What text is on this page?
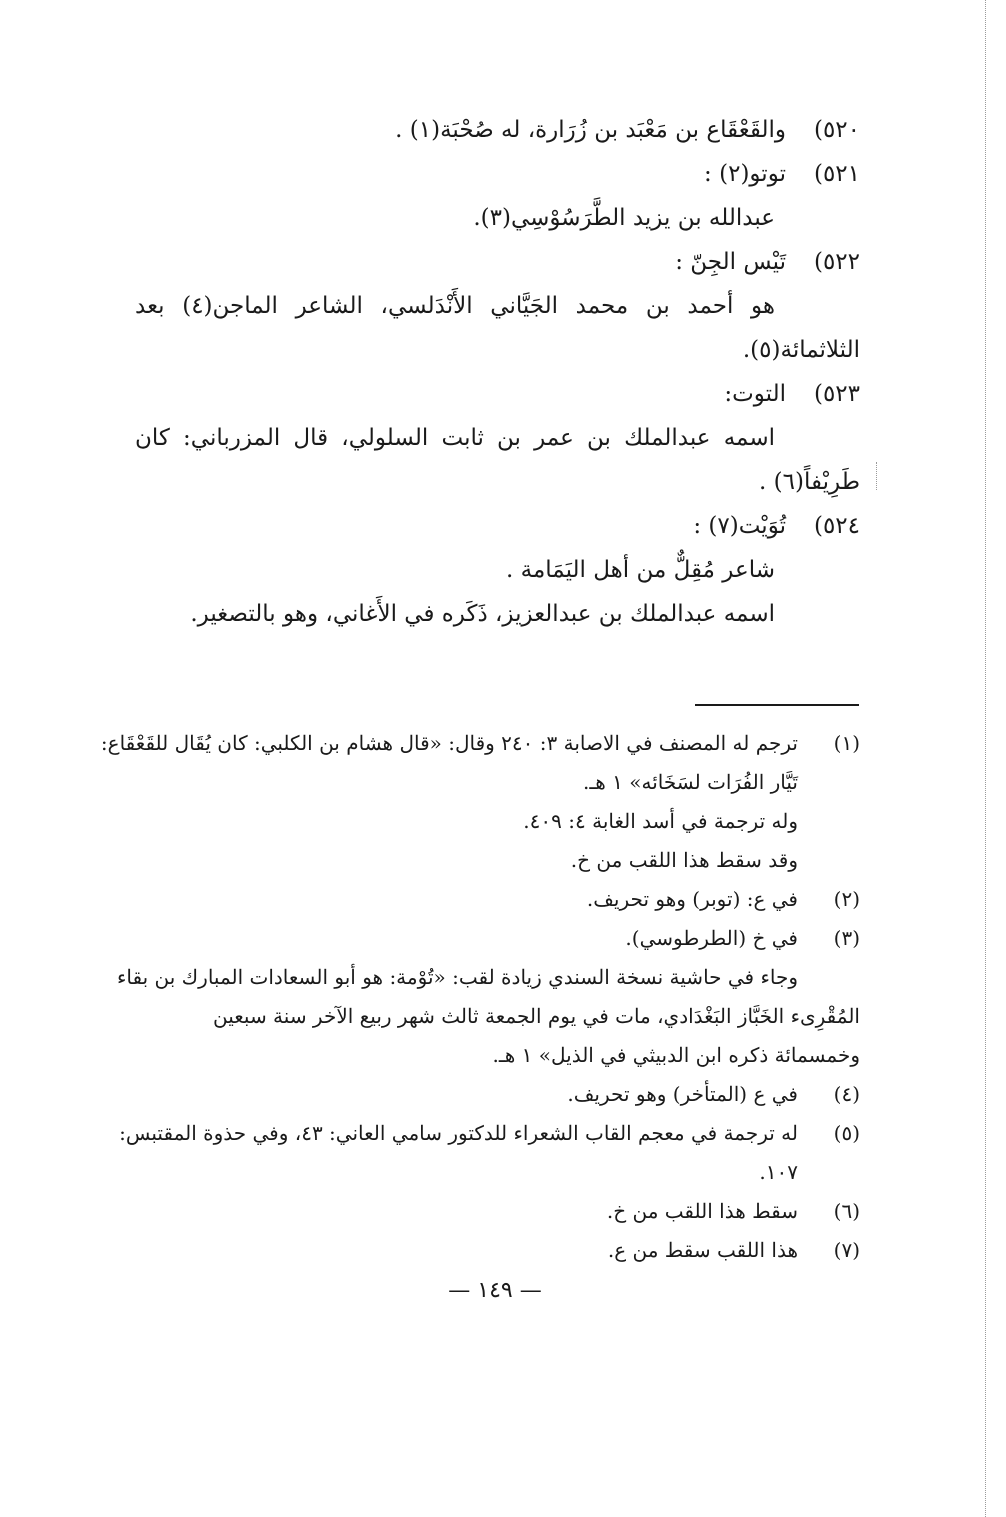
٥٢٠)والقَعْقَاع بن مَعْبَد بن زُرَارة، له صُحْبَة(١) .
٥٢١)توتو(٢) :
عبدالله بن يزيد الطَّرَسُوْسِي(٣).
٥٢٢)تَيْس الجِنّ :
هو أحمد بن محمد الجَيَّاني الأَنْدَلسي، الشاعر الماجن(٤) بعد
الثلاثمائة(٥).
٥٢٣)التوت:
اسمه عبدالملك بن عمر بن ثابت السلولي، قال المزرباني: كان
طَرِيْفاً(٦) .
٥٢٤)تُوَيْت(٧) :
شاعر مُقِلٌّ من أهل اليَمَامة .
اسمه عبدالملك بن عبدالعزيز، ذَكَره في الأَغاني، وهو بالتصغير.
(١)ترجم له المصنف في الاصابة ٣: ٢٤٠ وقال: «قال هشام بن الكلبي: كان يُقَال للقَعْقَاع:
تَيَّار الفُرَات لسَخَائه» ١ هـ.
وله ترجمة في أسد الغابة ٤: ٤٠٩.
وقد سقط هذا اللقب من خ.
(٢)في ع: (توبر) وهو تحريف.
(٣)في خ (الطرطوسي).
وجاء في حاشية نسخة السندي زيادة لقب: «تُوْمة: هو أبو السعادات المبارك بن بقاء
المُقْرِىء الخَبَّاز البَغْدَادي، مات في يوم الجمعة ثالث شهر ربيع الآخر سنة سبعين
وخمسمائة ذكره ابن الدبيثي في الذيل» ١ هـ.
(٤)في ع (المتأخر) وهو تحريف.
(٥)له ترجمة في معجم القاب الشعراء للدكتور سامي العاني: ٤٣، وفي حذوة المقتبس:
١٠٧.
(٦)سقط هذا اللقب من خ.
(٧)هذا اللقب سقط من ع.
— ١٤٩ —
